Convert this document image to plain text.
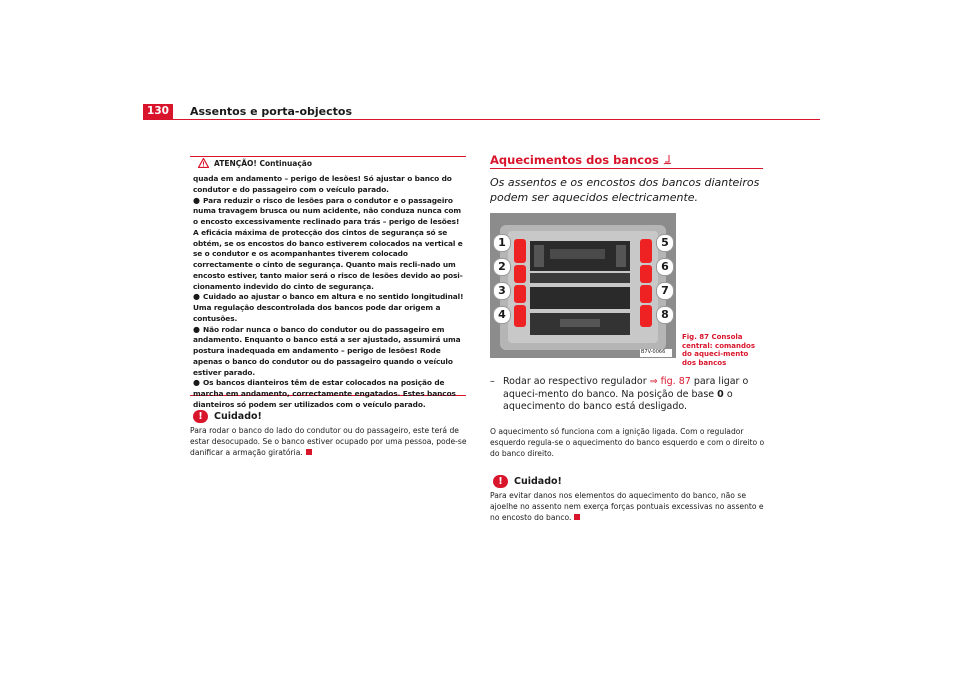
130	Assentos e porta-objectos
ATENÇÃO! Continuação

quada em andamento – perigo de lesões! Só ajustar o banco do condutor e do passageiro com o veículo parado.

● Para reduzir o risco de lesões para o condutor e o passageiro numa travagem brusca ou num acidente, não conduza nunca com o encosto excessivamente reclinado para trás – perigo de lesões! A eficácia máxima de protecção dos cintos de segurança só se obtém, se os encostos do banco estiverem colocados na vertical e se o condutor e os acompanhantes tiverem colocado correctamente o cinto de segurança. Quanto mais recli-nado um encosto estiver, tanto maior será o risco de lesões devido ao posi-cionamento indevido do cinto de segurança.

● Cuidado ao ajustar o banco em altura e no sentido longitudinal! Uma regulação descontrolada dos bancos pode dar origem a contusões.

● Não rodar nunca o banco do condutor ou do passageiro em andamento. Enquanto o banco está a ser ajustado, assumirá uma postura inadequada em andamento – perigo de lesões! Rode apenas o banco do condutor ou do passageiro quando o veículo estiver parado.

● Os bancos dianteiros têm de estar colocados na posição de marcha em andamento, correctamente engatados. Estes bancos dianteiros só podem ser utilizados com o veículo parado.

!	Cuidado!
Para rodar o banco do lado do condutor ou do passageiro, este terá de estar desocupado. Se o banco estiver ocupado por uma pessoa, pode-se danificar a armação giratória.
Aquecimentos dos bancos
Os assentos e os encostos dos bancos dianteiros podem ser aquecidos electricamente.
1
2
3
4
5
6
7
8
B7V-0066
Fig. 87 Consola central: comandos do aqueci-mento dos bancos
– Rodar ao respectivo regulador ⇒ fig. 87 para ligar o aqueci-mento do banco. Na posição de base 0 o aquecimento do banco está desligado.
O aquecimento só funciona com a ignição ligada. Com o regulador esquerdo regula-se o aquecimento do banco esquerdo e com o direito o do banco direito.
!	Cuidado!
Para evitar danos nos elementos do aquecimento do banco, não se ajoelhe no assento nem exerça forças pontuais excessivas no assento e no encosto do banco.
